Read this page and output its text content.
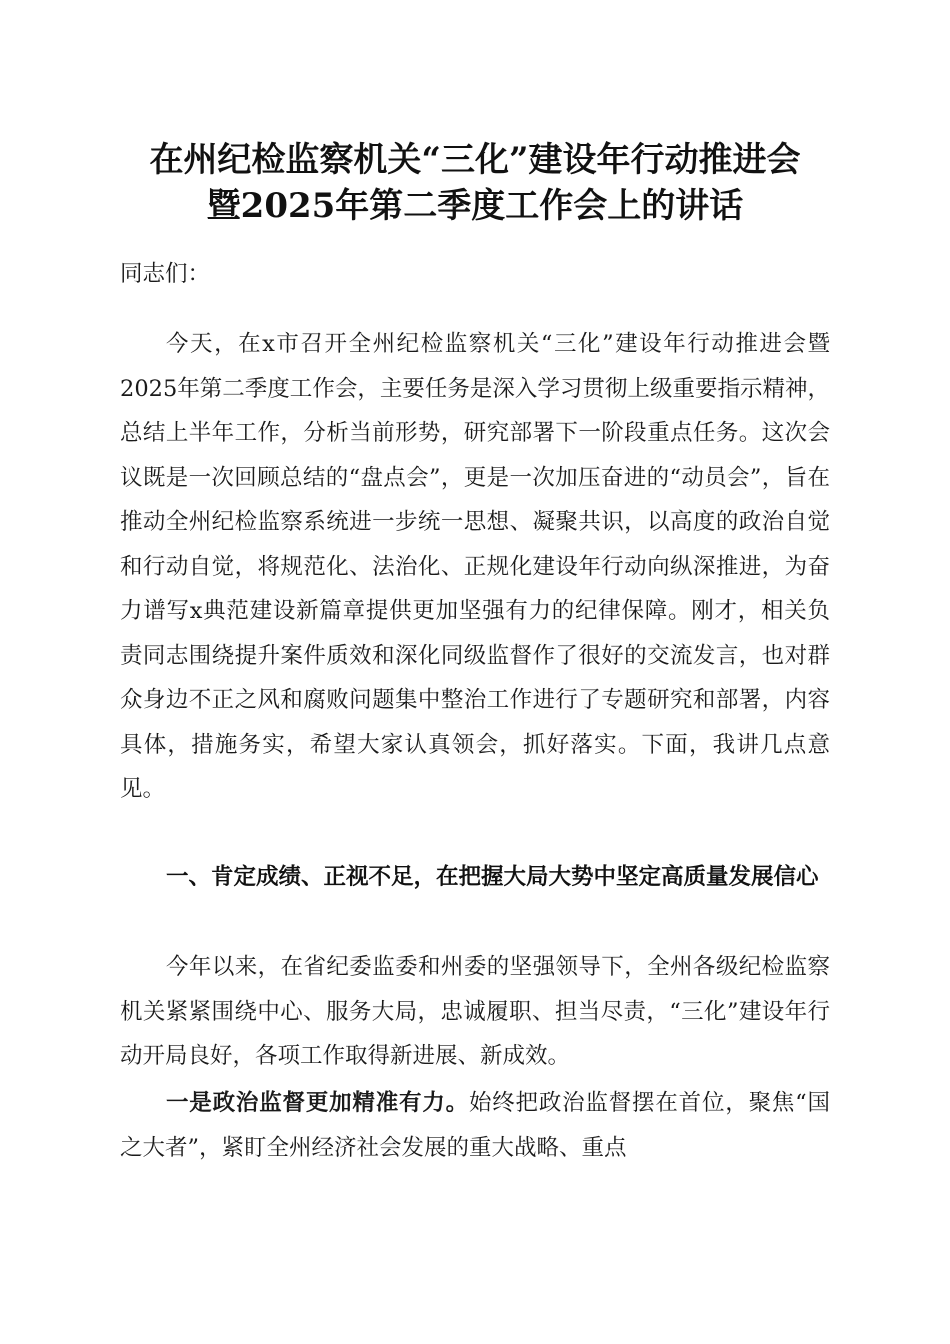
在州纪检监察机关“三化”建设年行动推进会
暨2025年第二季度工作会上的讲话

同志们：

今天，在x市召开全州纪检监察机关“三化”建设年行动推进会暨2025年第二季度工作会，主要任务是深入学习贯彻上级重要指示精神，总结上半年工作，分析当前形势，研究部署下一阶段重点任务。这次会议既是一次回顾总结的“盘点会”，更是一次加压奋进的“动员会”，旨在推动全州纪检监察系统进一步统一思想、凝聚共识，以高度的政治自觉和行动自觉，将规范化、法治化、正规化建设年行动向纵深推进，为奋力谱写x典范建设新篇章提供更加坚强有力的纪律保障。刚才，相关负责同志围绕提升案件质效和深化同级监督作了很好的交流发言，也对群众身边不正之风和腐败问题集中整治工作进行了专题研究和部署，内容具体，措施务实，希望大家认真领会，抓好落实。下面，我讲几点意见。

一、肯定成绩、正视不足，在把握大局大势中坚定高质量发展信心

今年以来，在省纪委监委和州委的坚强领导下，全州各级纪检监察机关紧紧围绕中心、服务大局，忠诚履职、担当尽责，“三化”建设年行动开局良好，各项工作取得新进展、新成效。

一是政治监督更加精准有力。始终把政治监督摆在首位，聚焦“国之大者”，紧盯全州经济社会发展的重大战略、重点
